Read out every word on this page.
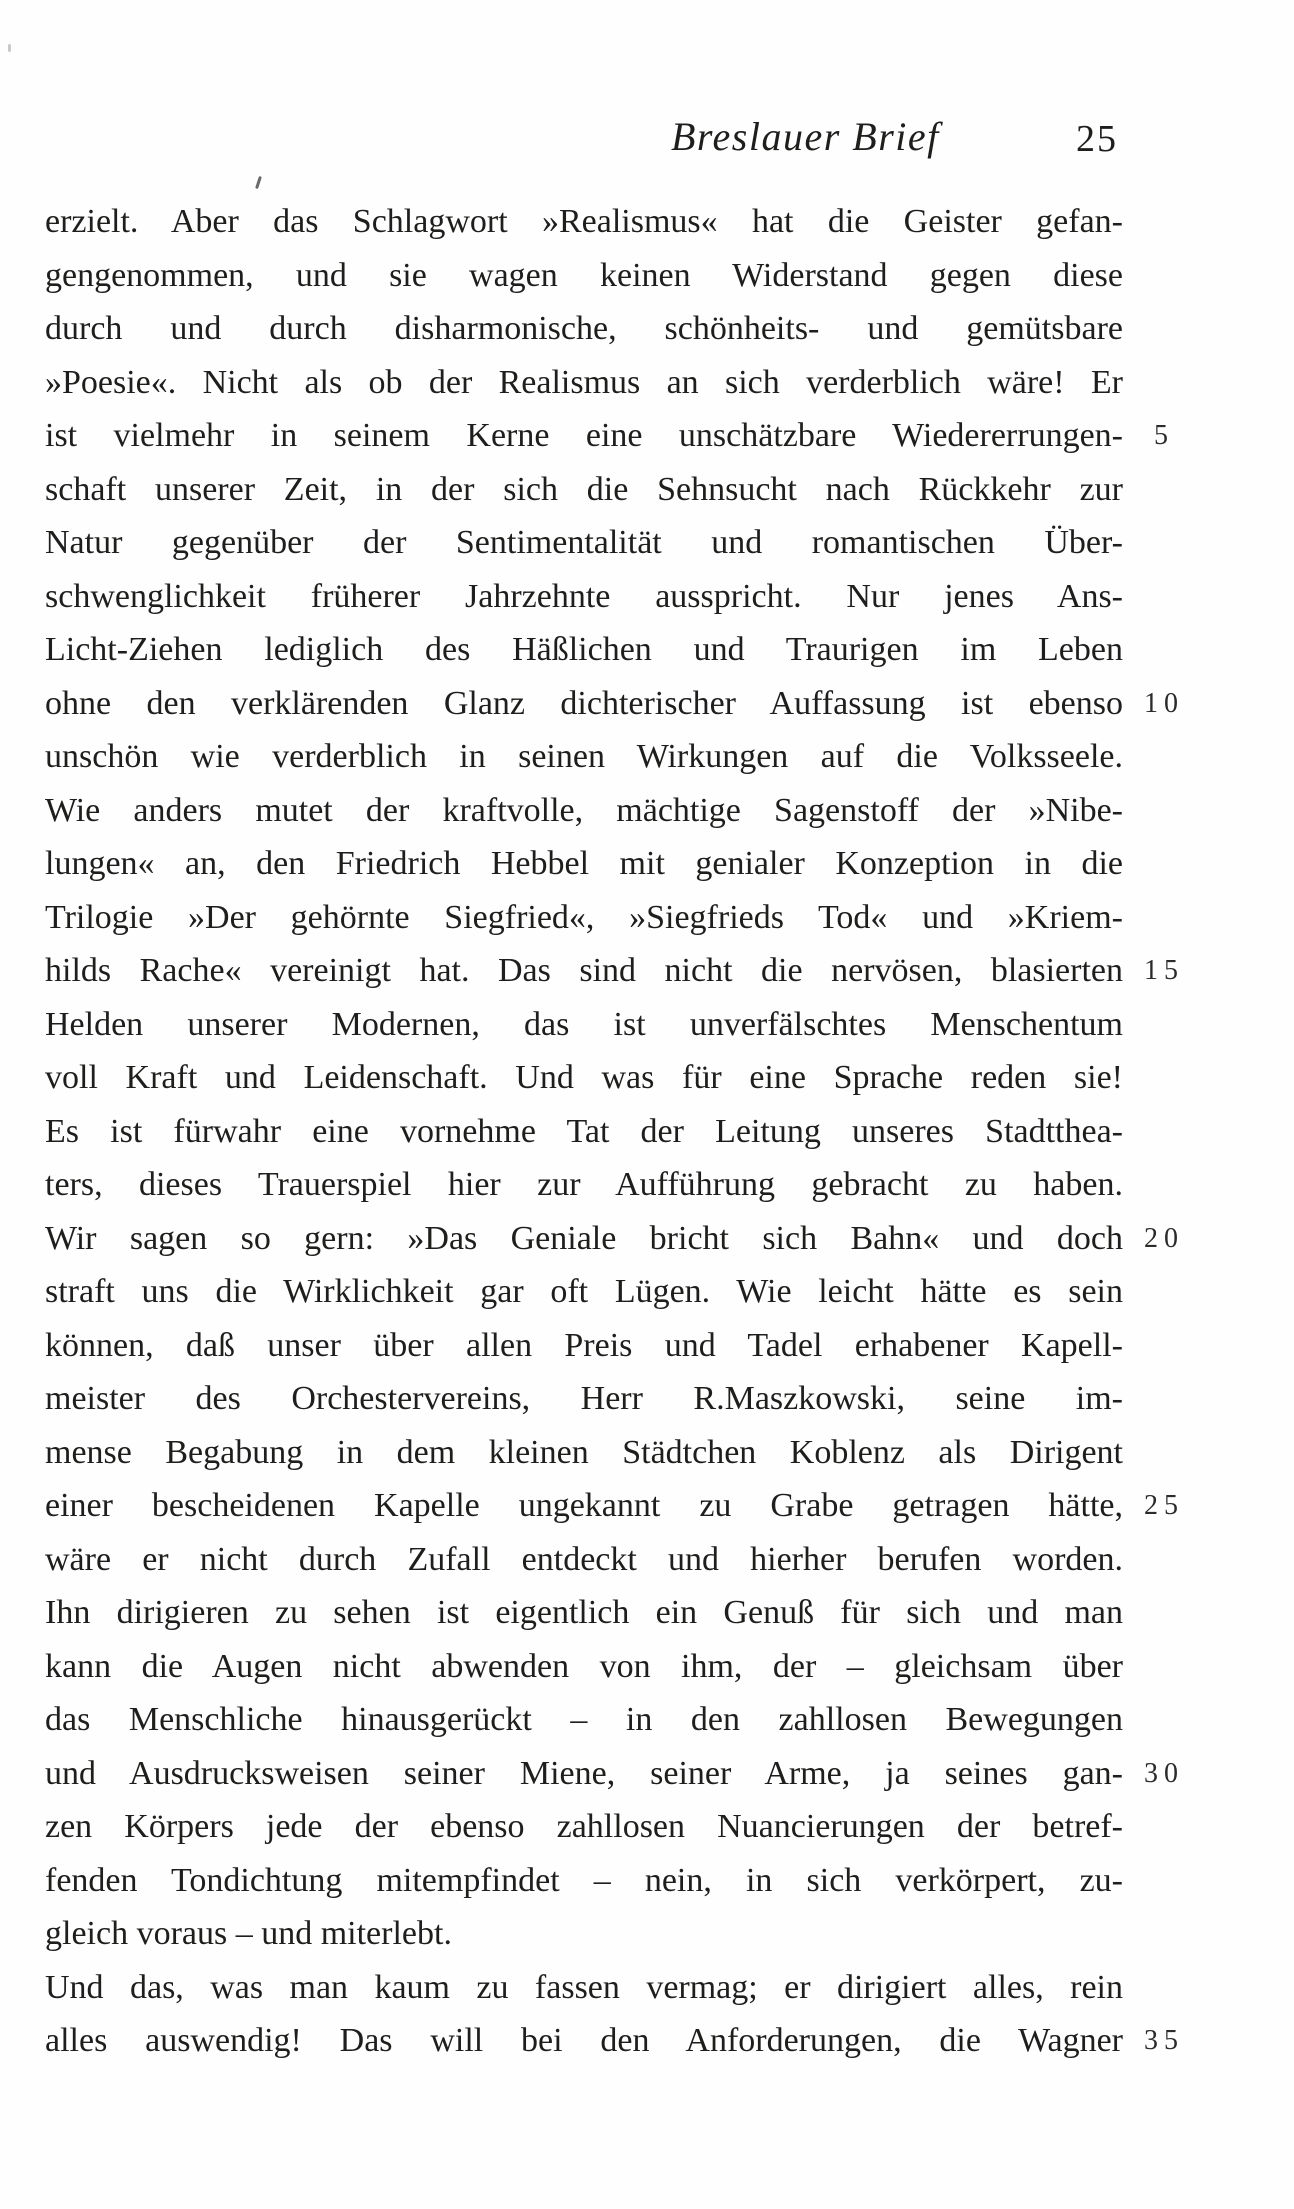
Breslauer Brief	25
erzielt. Aber das Schlagwort »Realismus« hat die Geister gefan-
gengenommen, und sie wagen keinen Widerstand gegen diese
durch und durch disharmonische, schönheits- und gemütsbare
»Poesie«. Nicht als ob der Realismus an sich verderblich wäre! Er
ist vielmehr in seinem Kerne eine unschätzbare Wiedererrungen-
schaft unserer Zeit, in der sich die Sehnsucht nach Rückkehr zur
Natur gegenüber der Sentimentalität und romantischen Über-
schwenglichkeit früherer Jahrzehnte ausspricht. Nur jenes Ans-
Licht-Ziehen lediglich des Häßlichen und Traurigen im Leben
ohne den verklärenden Glanz dichterischer Auffassung ist ebenso
unschön wie verderblich in seinen Wirkungen auf die Volksseele.
Wie anders mutet der kraftvolle, mächtige Sagenstoff der »Nibe-
lungen« an, den Friedrich Hebbel mit genialer Konzeption in die
Trilogie »Der gehörnte Siegfried«, »Siegfrieds Tod« und »Kriem-
hilds Rache« vereinigt hat. Das sind nicht die nervösen, blasierten
Helden unserer Modernen, das ist unverfälschtes Menschentum
voll Kraft und Leidenschaft. Und was für eine Sprache reden sie!
Es ist fürwahr eine vornehme Tat der Leitung unseres Stadtthea-
ters, dieses Trauerspiel hier zur Aufführung gebracht zu haben.
Wir sagen so gern: »Das Geniale bricht sich Bahn« und doch
straft uns die Wirklichkeit gar oft Lügen. Wie leicht hätte es sein
können, daß unser über allen Preis und Tadel erhabener Kapell-
meister des Orchestervereins, Herr R.Maszkowski, seine im-
mense Begabung in dem kleinen Städtchen Koblenz als Dirigent
einer bescheidenen Kapelle ungekannt zu Grabe getragen hätte,
wäre er nicht durch Zufall entdeckt und hierher berufen worden.
Ihn dirigieren zu sehen ist eigentlich ein Genuß für sich und man
kann die Augen nicht abwenden von ihm, der – gleichsam über
das Menschliche hinausgerückt – in den zahllosen Bewegungen
und Ausdrucksweisen seiner Miene, seiner Arme, ja seines gan-
zen Körpers jede der ebenso zahllosen Nuancierungen der betref-
fenden Tondichtung mitempfindet – nein, in sich verkörpert, zu-
gleich voraus – und miterlebt.
Und das, was man kaum zu fassen vermag; er dirigiert alles, rein
alles auswendig! Das will bei den Anforderungen, die Wagner
5
10
15
20
25
30
35
